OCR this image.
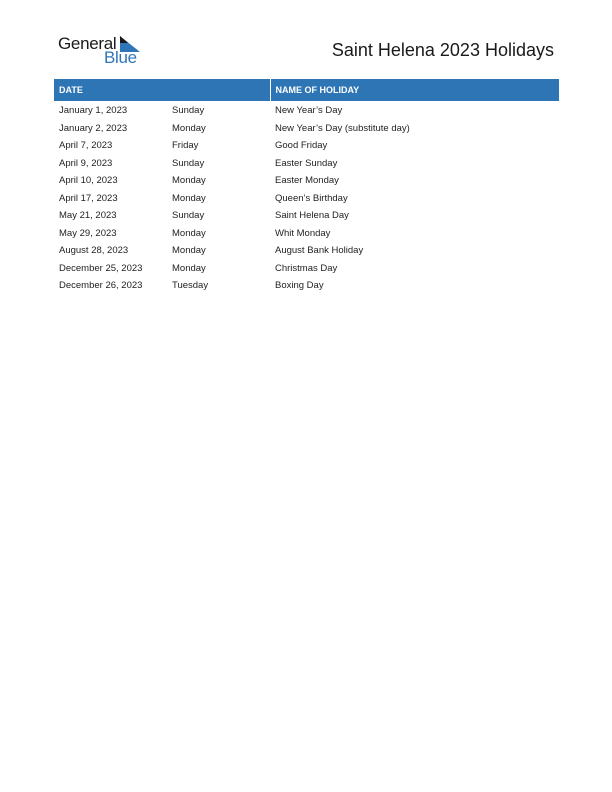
General
Blue	Saint Helena 2023 Holidays
DATE		NAME OF HOLIDAY
January 1, 2023	Sunday	New Year’s Day
January 2, 2023	Monday	New Year’s Day (substitute day)
April 7, 2023	Friday	Good Friday
April 9, 2023	Sunday	Easter Sunday
April 10, 2023	Monday	Easter Monday
April 17, 2023	Monday	Queen’s Birthday
May 21, 2023	Sunday	Saint Helena Day
May 29, 2023	Monday	Whit Monday
August 28, 2023	Monday	August Bank Holiday
December 25, 2023	Monday	Christmas Day
December 26, 2023	Tuesday	Boxing Day
